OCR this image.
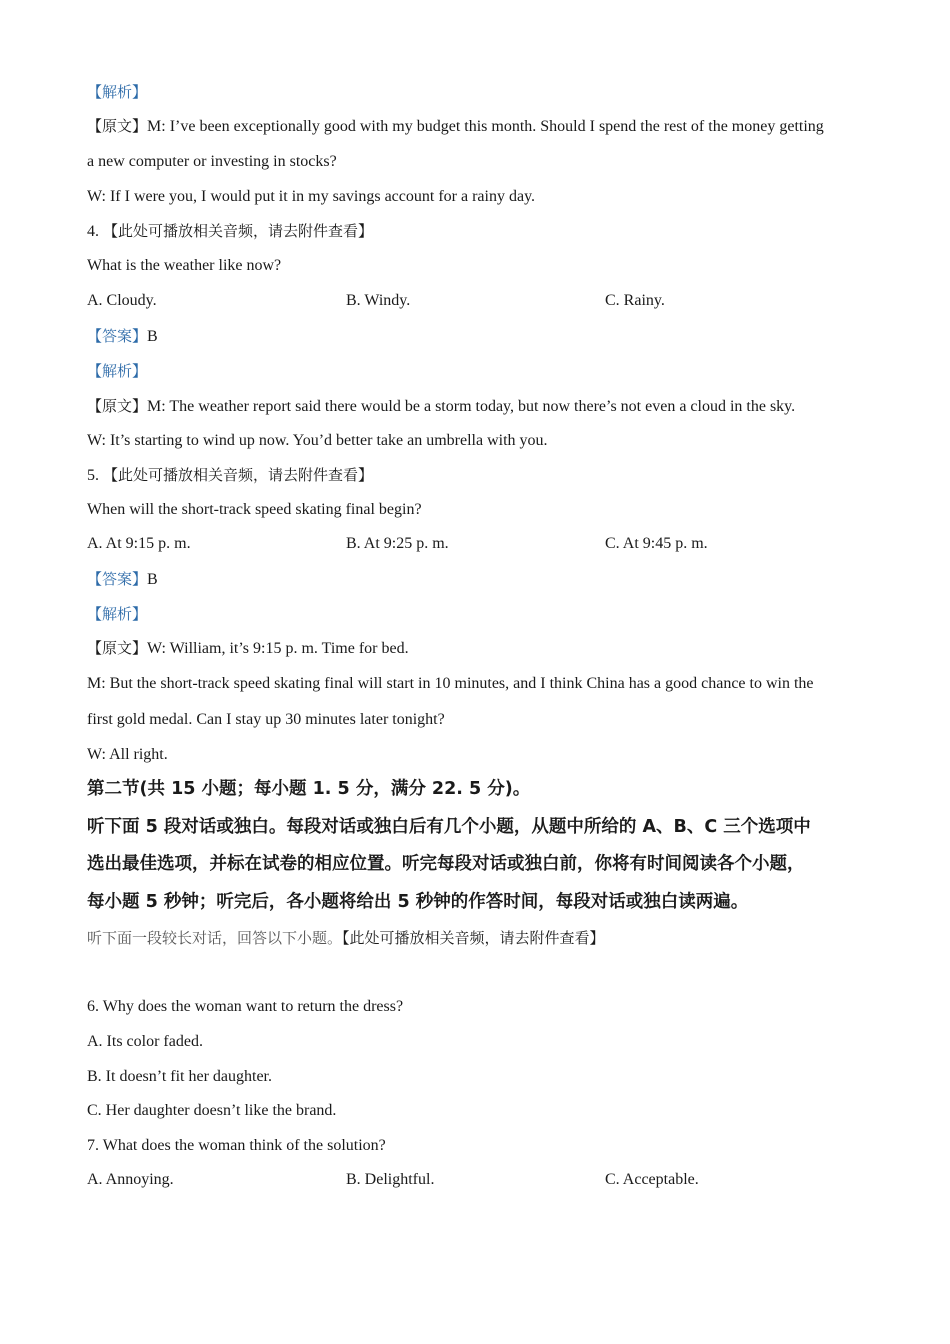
【解析】
【原文】M: I’ve been exceptionally good with my budget this month. Should I spend the rest of the money getting
a new computer or investing in stocks?
W: If I were you, I would put it in my savings account for a rainy day.
4. 【此处可播放相关音频，请去附件查看】
What is the weather like now?
A. Cloudy.	B. Windy.	C. Rainy.
【答案】B
【解析】
【原文】M: The weather report said there would be a storm today, but now there’s not even a cloud in the sky.
W: It’s starting to wind up now. You’d better take an umbrella with you.
5. 【此处可播放相关音频，请去附件查看】
When will the short-track speed skating final begin?
A. At 9:15 p. m.	B. At 9:25 p. m.	C. At 9:45 p. m.
【答案】B
【解析】
【原文】W: William, it’s 9:15 p. m. Time for bed.
M: But the short-track speed skating final will start in 10 minutes, and I think China has a good chance to win the
first gold medal. Can I stay up 30 minutes later tonight?
W: All right.
第二节(共 15 小题；每小题 1. 5 分，满分 22. 5 分)。
听下面 5 段对话或独白。每段对话或独白后有几个小题，从题中所给的 A、B、C 三个选项中
选出最佳选项，并标在试卷的相应位置。听完每段对话或独白前，你将有时间阅读各个小题，
每小题 5 秒钟；听完后，各小题将给出 5 秒钟的作答时间，每段对话或独白读两遍。
听下面一段较长对话，回答以下小题。【此处可播放相关音频，请去附件查看】
6. Why does the woman want to return the dress?
A. Its color faded.
B. It doesn’t fit her daughter.
C. Her daughter doesn’t like the brand.
7. What does the woman think of the solution?
A. Annoying.	B. Delightful.	C. Acceptable.
